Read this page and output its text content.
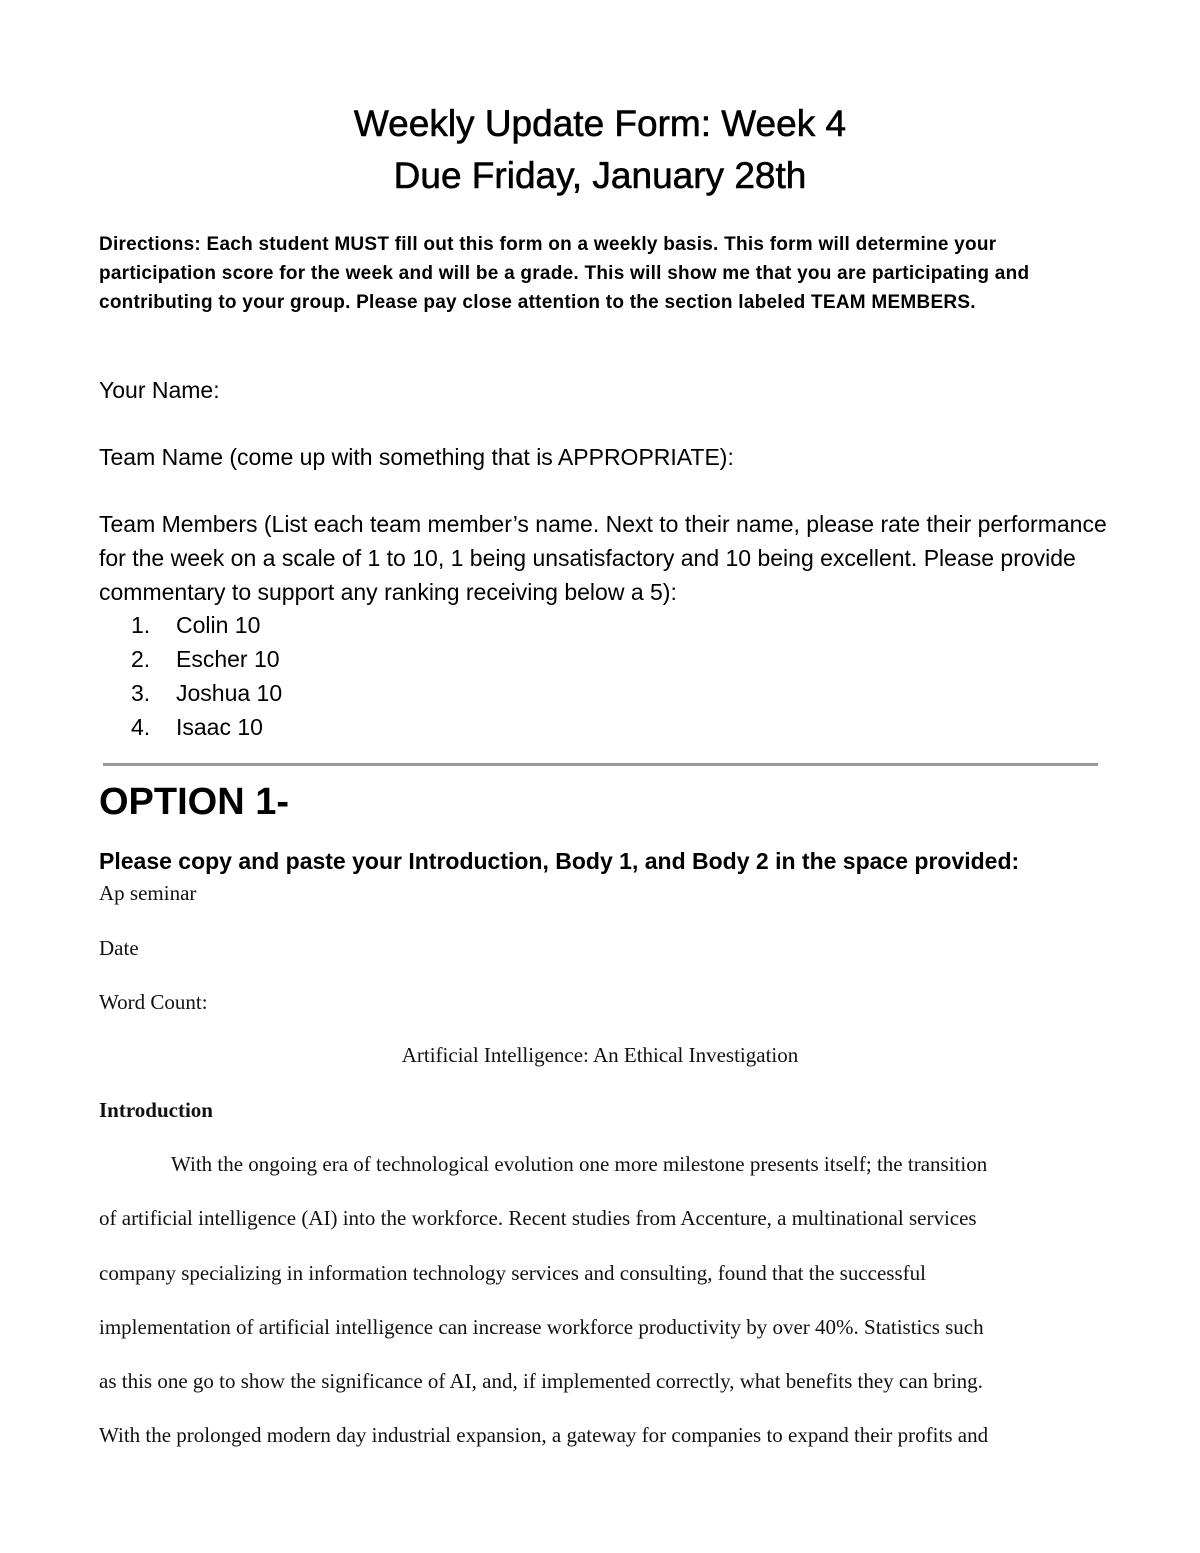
Weekly Update Form: Week 4
Due Friday, January 28th

Directions: Each student MUST fill out this form on a weekly basis. This form will determine your participation score for the week and will be a grade. This will show me that you are participating and contributing to your group. Please pay close attention to the section labeled TEAM MEMBERS.

Your Name:

Team Name (come up with something that is APPROPRIATE):

Team Members (List each team member’s name. Next to their name, please rate their performance for the week on a scale of 1 to 10, 1 being unsatisfactory and 10 being excellent. Please provide commentary to support any ranking receiving below a 5):

1.	Colin 10
2.	Escher 10
3.	Joshua 10
4.	Isaac 10
OPTION 1-

Please copy and paste your Introduction, Body 1, and Body 2 in the space provided:

Ap seminar

Date

Word Count:

Artificial Intelligence: An Ethical Investigation

Introduction

With the ongoing era of technological evolution one more milestone presents itself; the transition
of artificial intelligence (AI) into the workforce. Recent studies from Accenture, a multinational services
company specializing in information technology services and consulting, found that the successful
implementation of artificial intelligence can increase workforce productivity by over 40%. Statistics such
as this one go to show the significance of AI, and, if implemented correctly, what benefits they can bring.
With the prolonged modern day industrial expansion, a gateway for companies to expand their profits and
